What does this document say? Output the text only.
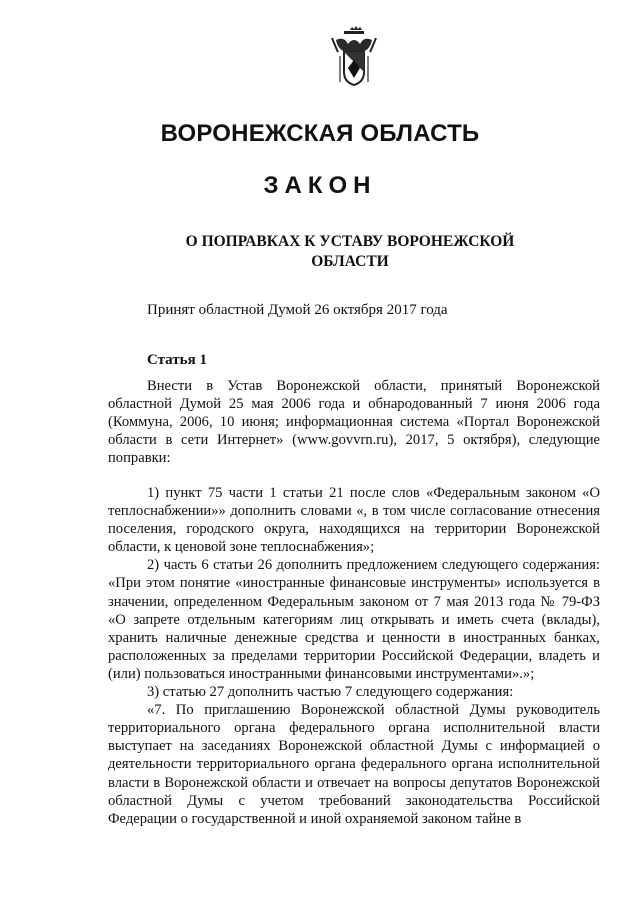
ВОРОНЕЖСКАЯ ОБЛАСТЬ
ЗАКОН
О ПОПРАВКАХ К УСТАВУ ВОРОНЕЖСКОЙ
ОБЛАСТИ
Принят областной Думой 26 октября 2017 года
Статья 1

Внести в Устав Воронежской области, принятый Воронежской областной Думой 25 мая 2006 года и обнародованный 7 июня 2006 года (Коммуна, 2006, 10 июня; информационная система «Портал Воронежской области в сети Интернет» (www.govvrn.ru), 2017, 5 октября), следующие поправки:

1) пункт 75 части 1 статьи 21 после слов «Федеральным законом «О теплоснабжении»» дополнить словами «, в том числе согласование отнесения поселения, городского округа, находящихся на территории Воронежской области, к ценовой зоне теплоснабжения»;

2) часть 6 статьи 26 дополнить предложением следующего содержания: «При этом понятие «иностранные финансовые инструменты» используется в значении, определенном Федеральным законом от 7 мая 2013 года № 79-ФЗ «О запрете отдельным категориям лиц открывать и иметь счета (вклады), хранить наличные денежные средства и ценности в иностранных банках, расположенных за пределами территории Российской Федерации, владеть и (или) пользоваться иностранными финансовыми инструментами».»;

3) статью 27 дополнить частью 7 следующего содержания:

«7. По приглашению Воронежской областной Думы руководитель территориального органа федерального органа исполнительной власти выступает на заседаниях Воронежской областной Думы с информацией о деятельности территориального органа федерального органа исполнительной власти в Воронежской области и отвечает на вопросы депутатов Воронежской областной Думы с учетом требований законодательства Российской Федерации о государственной и иной охраняемой законом тайне в
